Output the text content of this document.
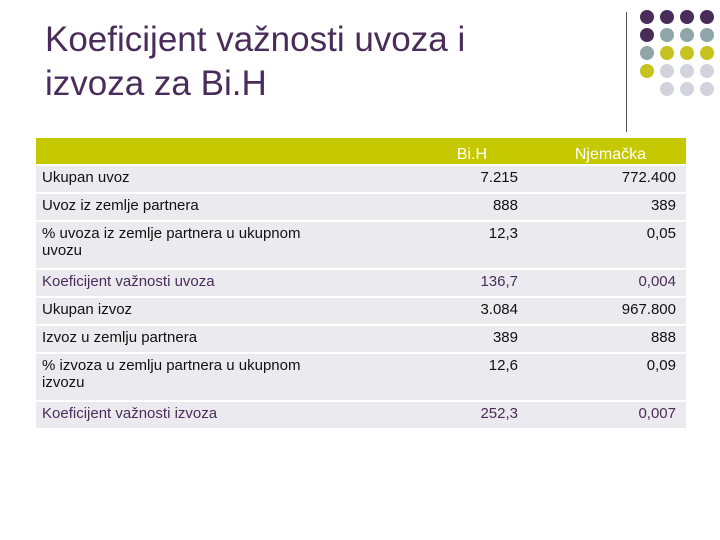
Koeficijent važnosti uvoza i
izvoza za Bi.H
	Bi.H	Njemačka
Ukupan uvoz	7.215	772.400
Uvoz iz zemlje partnera	888	389
% uvoza iz zemlje partnera u ukupnom uvozu	12,3	0,05
Koeficijent važnosti uvoza	136,7	0,004
Ukupan izvoz	3.084	967.800
Izvoz u zemlju partnera	389	888
% izvoza u zemlju partnera u ukupnom izvozu	12,6	0,09
Koeficijent važnosti izvoza	252,3	0,007
